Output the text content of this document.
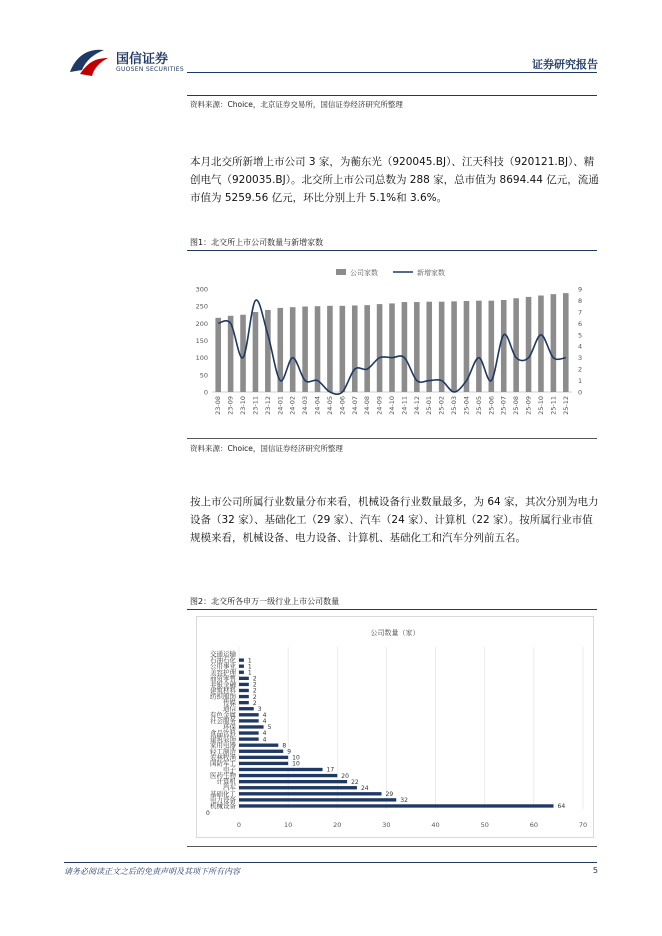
国信证券
GUOSEN SECURITIES	证券研究报告
资料来源：Choice，北京证券交易所，国信证券经济研究所整理
本月北交所新增上市公司 3 家，为蘅东光（920045.BJ）、江天科技（920121.BJ）、精创电气（920035.BJ）。北交所上市公司总数为 288 家，总市值为 8694.44 亿元，流通市值为 5259.56 亿元，环比分别上升 5.1%和 3.6%。
图1：北交所上市公司数量与新增家数
公司家数	新增家数
0
50
100
150
200
250
300
0
1
2
3
4
5
6
7
8
9
23-08 23-09 23-10 23-11 23-12 24-01 24-02 24-03 24-04 24-05 24-06 24-07 24-08 24-09 24-10 24-11 24-12 25-01 25-02 25-03 25-04 25-05 25-06 25-07 25-08 25-09 25-10 25-11 25-12
资料来源：Choice，国信证券经济研究所整理
按上市公司所属行业数量分布来看，机械设备行业数量最多，为 64 家，其次分别为电力设备（32 家）、基础化工（29 家）、汽车（24 家）、计算机（22 家）。按所属行业市值规模来看，机械设备、电力设备、计算机、基础化工和汽车分列前五名。
图2：北交所各申万一级行业上市公司数量
公司数量（家）
0	10	20	30	40	50	60	70
64
机械设备
32
电力设备
29
基础化工
24
汽车
22
计算机
20
医药生物
17
电子
10
国防军工
10
农林牧渔
9
轻工制造
8
家用电器
4
建筑装饰
4
食品饮料
5
环保
4
社会服务
4
有色金属
3
通信
2
传媒
2
纺织服饰
2
建筑材料
2
非银金融
2
商贸零售
1
美容护理
1
公用事业
1
石油石化
0
交通运输
请务必阅读正文之后的免责声明及其项下所有内容	5
